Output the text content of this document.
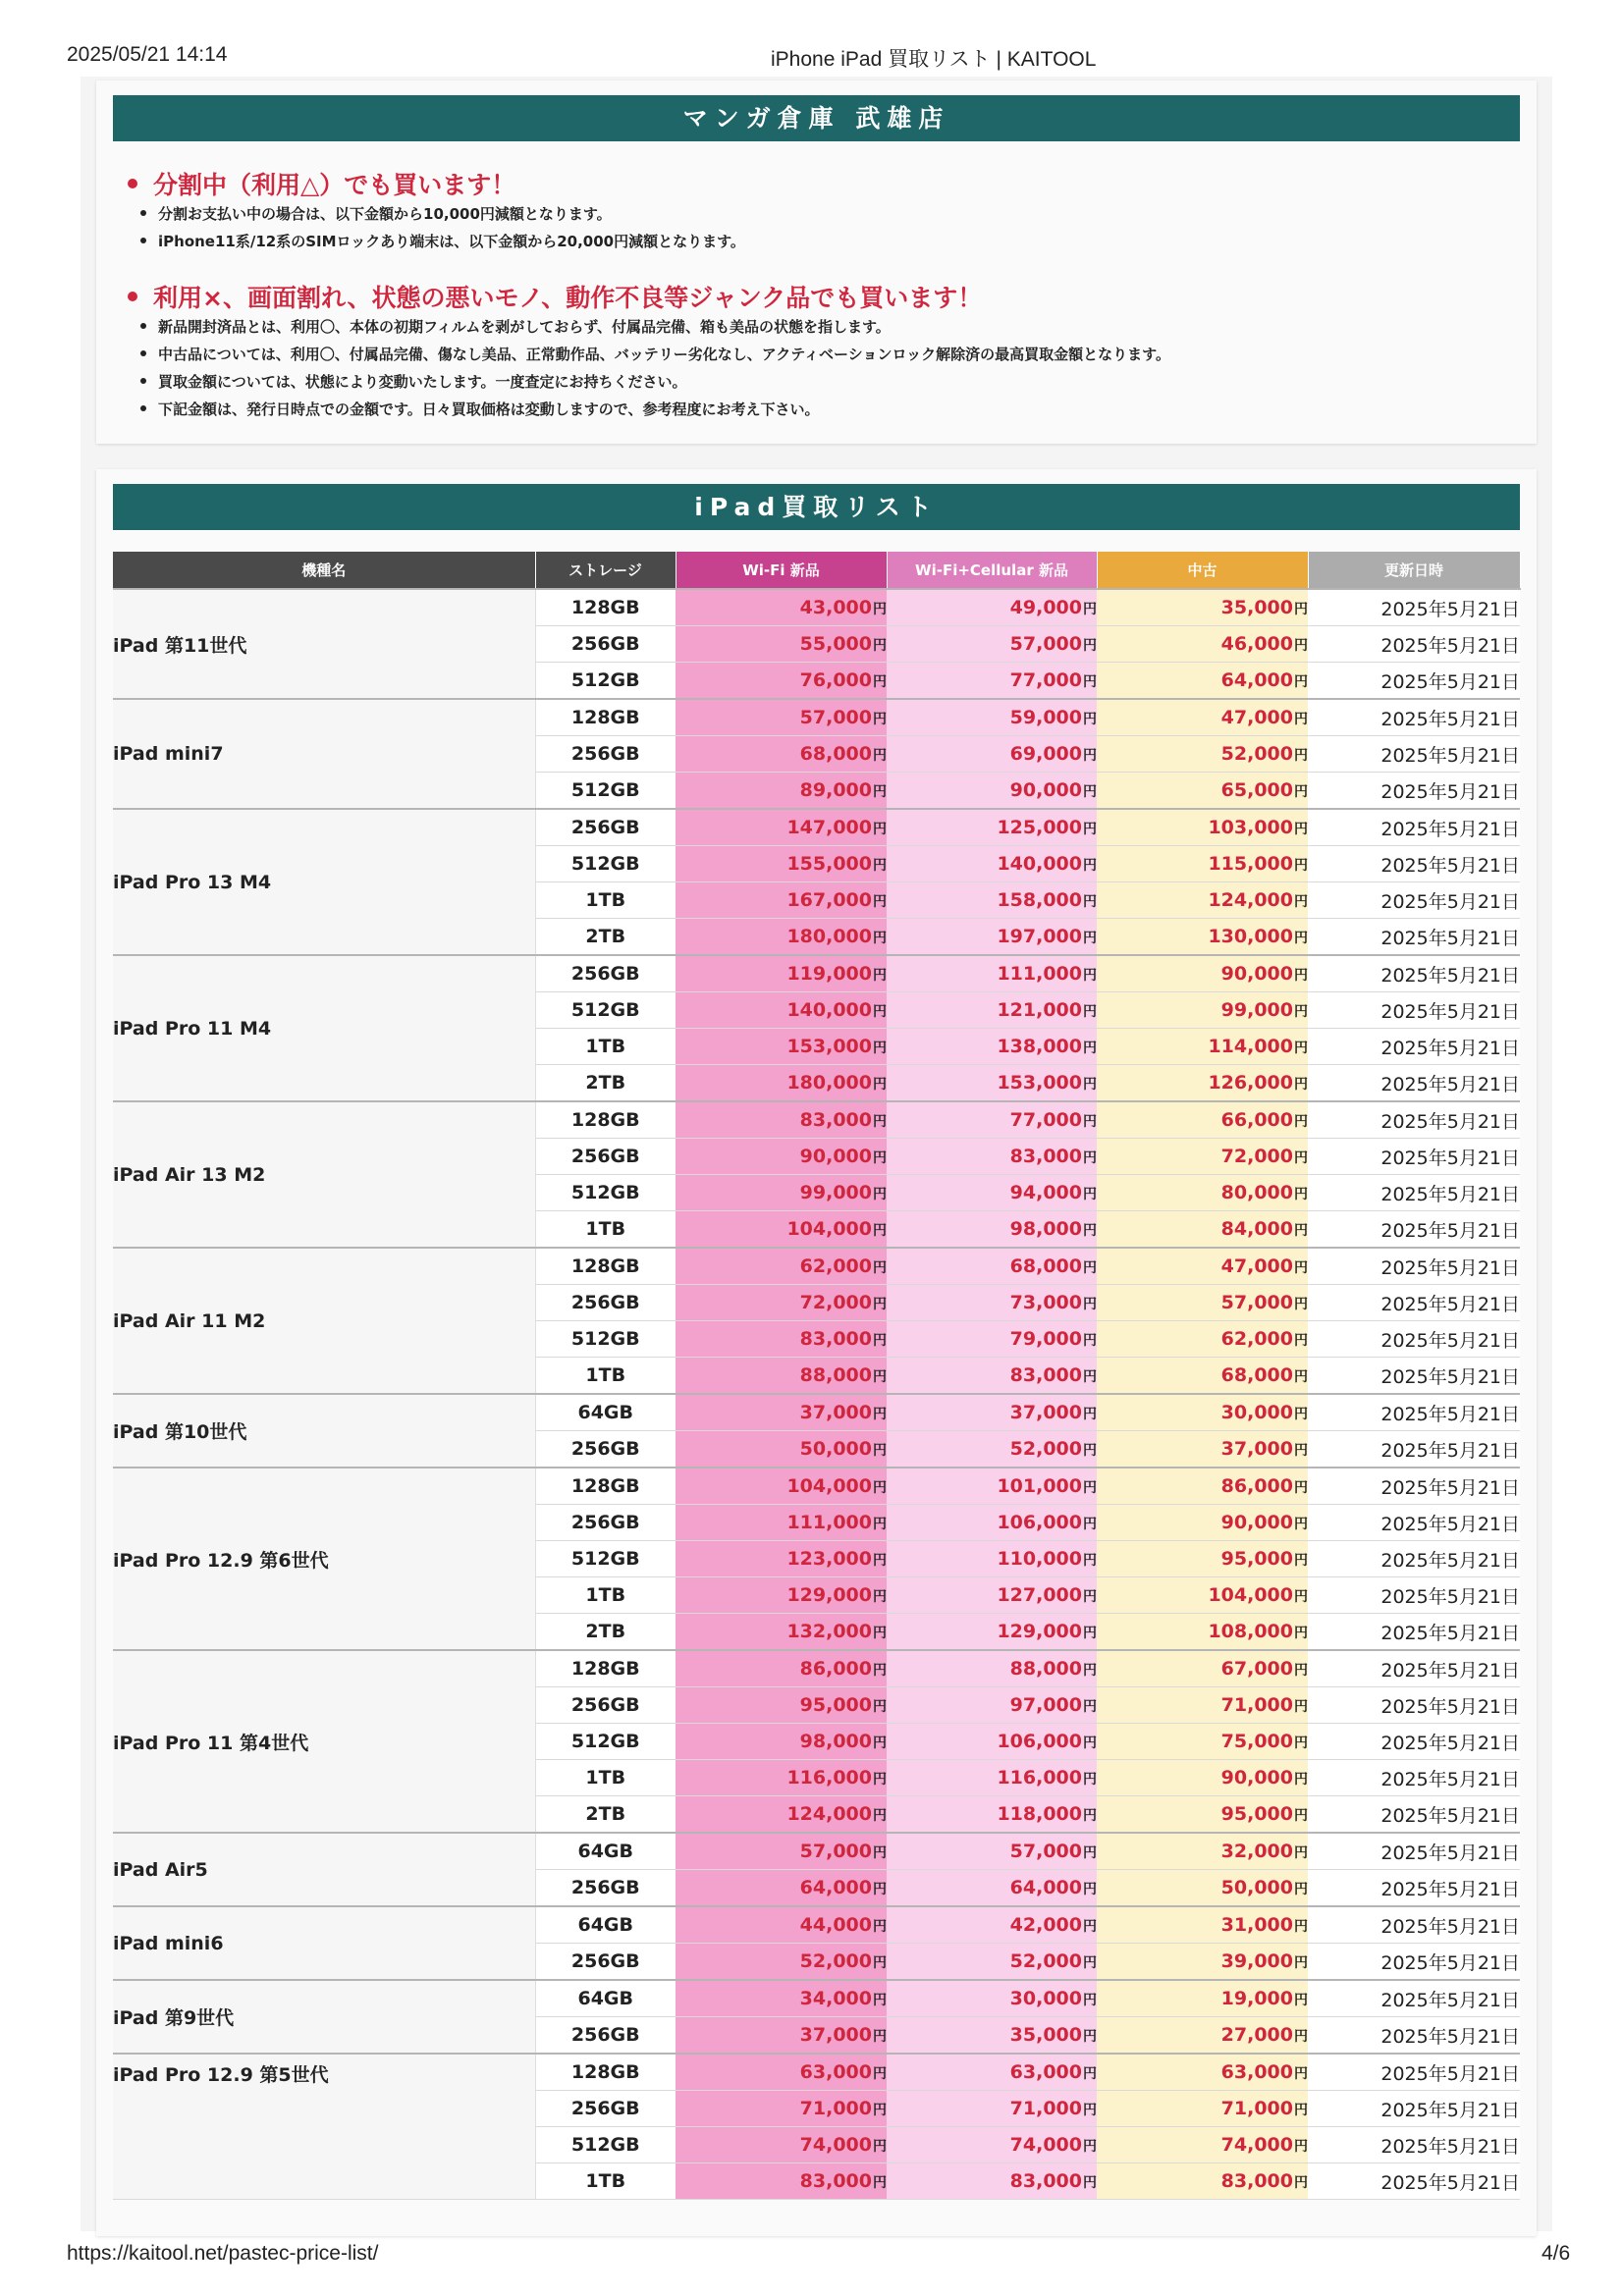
2025/05/21 14:14	iPhone iPad 買取リスト | KAITOOL
マンガ倉庫 武雄店
分割中（利用△）でも買います！
分割お支払い中の場合は、以下金額から10,000円減額となります。
iPhone11系/12系のSIMロックあり端末は、以下金額から20,000円減額となります。
利用×、画面割れ、状態の悪いモノ、動作不良等ジャンク品でも買います！
新品開封済品とは、利用〇、本体の初期フィルムを剥がしておらず、付属品完備、箱も美品の状態を指します。
中古品については、利用〇、付属品完備、傷なし美品、正常動作品、バッテリー劣化なし、アクティベーションロック解除済の最高買取金額となります。
買取金額については、状態により変動いたします。一度査定にお持ちください。
下記金額は、発行日時点での金額です。日々買取価格は変動しますので、参考程度にお考え下さい。
iPad買取リスト
機種名	ストレージ	Wi-Fi 新品	Wi-Fi+Cellular 新品	中古	更新日時
iPad 第11世代	128GB	43,000円	49,000円	35,000円	2025年5月21日
	256GB	55,000円	57,000円	46,000円	2025年5月21日
	512GB	76,000円	77,000円	64,000円	2025年5月21日
iPad mini7	128GB	57,000円	59,000円	47,000円	2025年5月21日
	256GB	68,000円	69,000円	52,000円	2025年5月21日
	512GB	89,000円	90,000円	65,000円	2025年5月21日
iPad Pro 13 M4	256GB	147,000円	125,000円	103,000円	2025年5月21日
	512GB	155,000円	140,000円	115,000円	2025年5月21日
	1TB	167,000円	158,000円	124,000円	2025年5月21日
	2TB	180,000円	197,000円	130,000円	2025年5月21日
iPad Pro 11 M4	256GB	119,000円	111,000円	90,000円	2025年5月21日
	512GB	140,000円	121,000円	99,000円	2025年5月21日
	1TB	153,000円	138,000円	114,000円	2025年5月21日
	2TB	180,000円	153,000円	126,000円	2025年5月21日
iPad Air 13 M2	128GB	83,000円	77,000円	66,000円	2025年5月21日
	256GB	90,000円	83,000円	72,000円	2025年5月21日
	512GB	99,000円	94,000円	80,000円	2025年5月21日
	1TB	104,000円	98,000円	84,000円	2025年5月21日
iPad Air 11 M2	128GB	62,000円	68,000円	47,000円	2025年5月21日
	256GB	72,000円	73,000円	57,000円	2025年5月21日
	512GB	83,000円	79,000円	62,000円	2025年5月21日
	1TB	88,000円	83,000円	68,000円	2025年5月21日
iPad 第10世代	64GB	37,000円	37,000円	30,000円	2025年5月21日
	256GB	50,000円	52,000円	37,000円	2025年5月21日
iPad Pro 12.9 第6世代	128GB	104,000円	101,000円	86,000円	2025年5月21日
	256GB	111,000円	106,000円	90,000円	2025年5月21日
	512GB	123,000円	110,000円	95,000円	2025年5月21日
	1TB	129,000円	127,000円	104,000円	2025年5月21日
	2TB	132,000円	129,000円	108,000円	2025年5月21日
iPad Pro 11 第4世代	128GB	86,000円	88,000円	67,000円	2025年5月21日
	256GB	95,000円	97,000円	71,000円	2025年5月21日
	512GB	98,000円	106,000円	75,000円	2025年5月21日
	1TB	116,000円	116,000円	90,000円	2025年5月21日
	2TB	124,000円	118,000円	95,000円	2025年5月21日
iPad Air5	64GB	57,000円	57,000円	32,000円	2025年5月21日
	256GB	64,000円	64,000円	50,000円	2025年5月21日
iPad mini6	64GB	44,000円	42,000円	31,000円	2025年5月21日
	256GB	52,000円	52,000円	39,000円	2025年5月21日
iPad 第9世代	64GB	34,000円	30,000円	19,000円	2025年5月21日
	256GB	37,000円	35,000円	27,000円	2025年5月21日
iPad Pro 12.9 第5世代	128GB	63,000円	63,000円	63,000円	2025年5月21日
	256GB	71,000円	71,000円	71,000円	2025年5月21日
	512GB	74,000円	74,000円	74,000円	2025年5月21日
	1TB	83,000円	83,000円	83,000円	2025年5月21日
https://kaitool.net/pastec-price-list/	4/6
